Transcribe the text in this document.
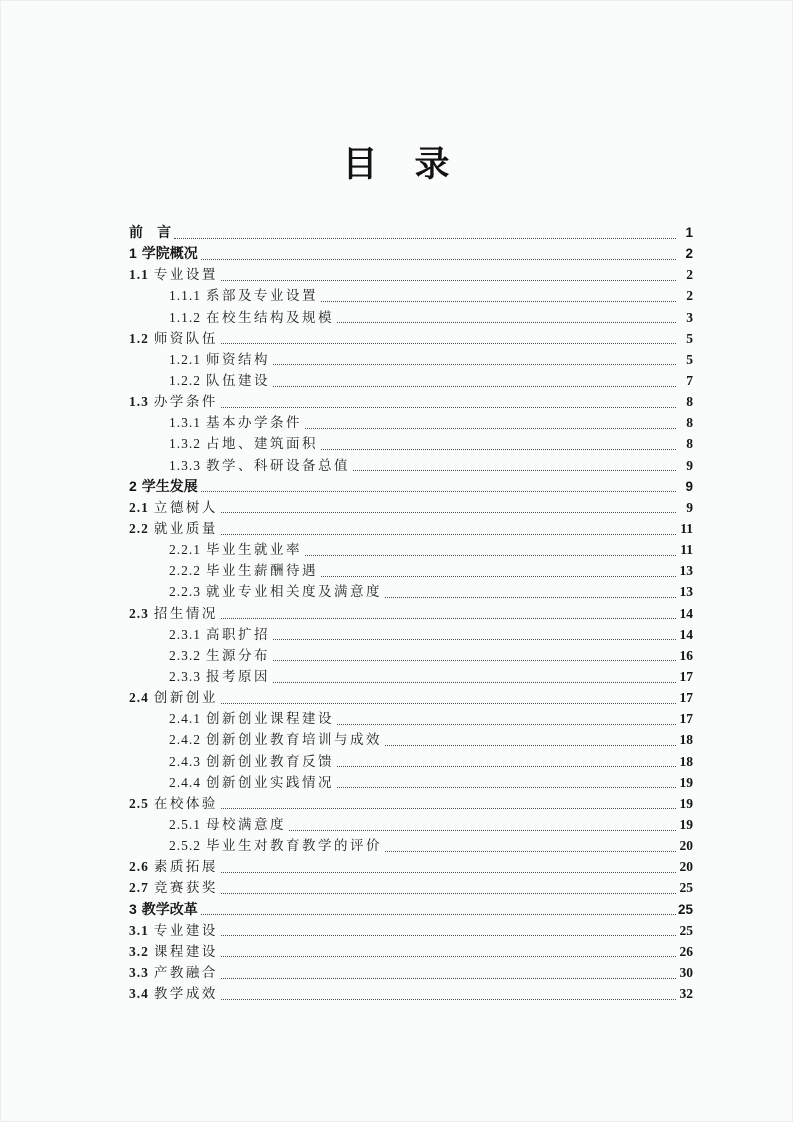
目　录
前　言	1
1 学院概况	2
1.1 专业设置	2
1.1.1 系部及专业设置	2
1.1.2 在校生结构及规模	3
1.2 师资队伍	5
1.2.1 师资结构	5
1.2.2 队伍建设	7
1.3 办学条件	8
1.3.1 基本办学条件	8
1.3.2 占地、建筑面积	8
1.3.3 教学、科研设备总值	9
2 学生发展	9
2.1 立德树人	9
2.2 就业质量	11
2.2.1 毕业生就业率	11
2.2.2 毕业生薪酬待遇	13
2.2.3 就业专业相关度及满意度	13
2.3 招生情况	14
2.3.1 高职扩招	14
2.3.2 生源分布	16
2.3.3 报考原因	17
2.4 创新创业	17
2.4.1 创新创业课程建设	17
2.4.2 创新创业教育培训与成效	18
2.4.3 创新创业教育反馈	18
2.4.4 创新创业实践情况	19
2.5 在校体验	19
2.5.1 母校满意度	19
2.5.2 毕业生对教育教学的评价	20
2.6 素质拓展	20
2.7 竞赛获奖	25
3 教学改革	25
3.1 专业建设	25
3.2 课程建设	26
3.3 产教融合	30
3.4 教学成效	32
